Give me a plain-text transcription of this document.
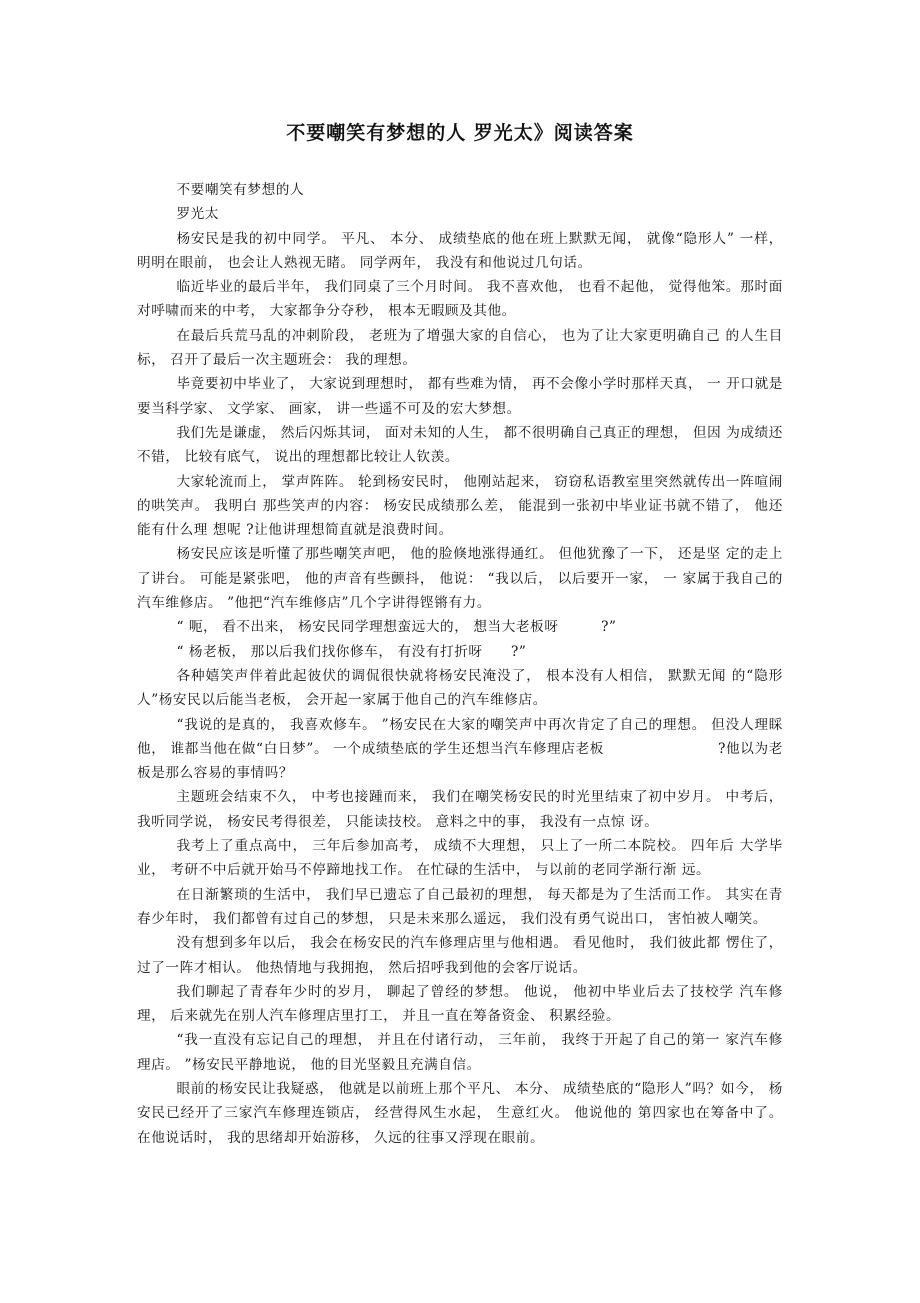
不要嘲笑有梦想的人 罗光太》阅读答案

不要嘲笑有梦想的人

罗光太

杨安民是我的初中同学。 平凡、 本分、 成绩垫底的他在班上默默无闻， 就像“隐形人” 一样， 明明在眼前， 也会让人熟视无睹。 同学两年， 我没有和他说过几句话。

临近毕业的最后半年， 我们同桌了三个月时间。 我不喜欢他， 也看不起他， 觉得他笨。那时面对呼啸而来的中考， 大家都争分夺秒， 根本无暇顾及其他。

在最后兵荒马乱的冲刺阶段， 老班为了增强大家的自信心， 也为了让大家更明确自己 的人生目标， 召开了最后一次主题班会： 我的理想。

毕竟要初中毕业了， 大家说到理想时， 都有些难为情， 再不会像小学时那样天真， 一 开口就是要当科学家、 文学家、 画家， 讲一些遥不可及的宏大梦想。

我们先是谦虚， 然后闪烁其词， 面对未知的人生， 都不很明确自己真正的理想， 但因 为成绩还不错， 比较有底气， 说出的理想都比较让人钦羡。

大家轮流而上， 掌声阵阵。 轮到杨安民时， 他刚站起来， 窃窃私语教室里突然就传出一阵喧闹的哄笑声。 我明白 那些笑声的内容： 杨安民成绩那么差， 能混到一张初中毕业证书就不错了， 他还能有什么理 想呢 ?让他讲理想简直就是浪费时间。

杨安民应该是听懂了那些嘲笑声吧， 他的脸倏地涨得通红。 但他犹豫了一下， 还是坚 定的走上了讲台。 可能是紧张吧， 他的声音有些颤抖， 他说： “我以后， 以后要开一家， 一 家属于我自己的汽车维修店。 ”他把“汽车维修店”几个字讲得铿锵有力。

“ 呃， 看不出来， 杨安民同学理想蛮远大的， 想当大老板呀　　　?”

“ 杨老板， 那以后我们找你修车， 有没有打折呀　　?”

各种嬉笑声伴着此起彼伏的调侃很快就将杨安民淹没了， 根本没有人相信， 默默无闻 的“隐形人”杨安民以后能当老板， 会开起一家属于他自己的汽车维修店。

“我说的是真的， 我喜欢修车。 ”杨安民在大家的嘲笑声中再次肯定了自己的理想。 但没人理睬他， 谁都当他在做“白日梦”。 一个成绩垫底的学生还想当汽车修理店老板　　　　　　　　?他以为老板是那么容易的事情吗？

主题班会结束不久， 中考也接踵而来， 我们在嘲笑杨安民的时光里结束了初中岁月。 中考后， 我听同学说， 杨安民考得很差， 只能读技校。 意料之中的事， 我没有一点惊 讶。

我考上了重点高中， 三年后参加高考， 成绩不大理想， 只上了一所二本院校。 四年后 大学毕业， 考研不中后就开始马不停蹄地找工作。 在忙碌的生活中， 与以前的老同学渐行渐 远。

在日渐繁琐的生活中， 我们早已遗忘了自己最初的理想， 每天都是为了生活而工作。 其实在青春少年时， 我们都曾有过自己的梦想， 只是未来那么遥远， 我们没有勇气说出口， 害怕被人嘲笑。

没有想到多年以后， 我会在杨安民的汽车修理店里与他相遇。 看见他时， 我们彼此都 愣住了， 过了一阵才相认。 他热情地与我拥抱， 然后招呼我到他的会客厅说话。

我们聊起了青春年少时的岁月， 聊起了曾经的梦想。 他说， 他初中毕业后去了技校学 汽车修理， 后来就先在别人汽车修理店里打工， 并且一直在筹备资金、 积累经验。

“我一直没有忘记自己的理想， 并且在付诸行动， 三年前， 我终于开起了自己的第一 家汽车修理店。 ”杨安民平静地说， 他的目光坚毅且充满自信。

眼前的杨安民让我疑惑， 他就是以前班上那个平凡、 本分、 成绩垫底的“隐形人”吗？如今， 杨安民已经开了三家汽车修理连锁店， 经营得风生水起， 生意红火。 他说他的 第四家也在筹备中了。 在他说话时， 我的思绪却开始游移， 久远的往事又浮现在眼前。
